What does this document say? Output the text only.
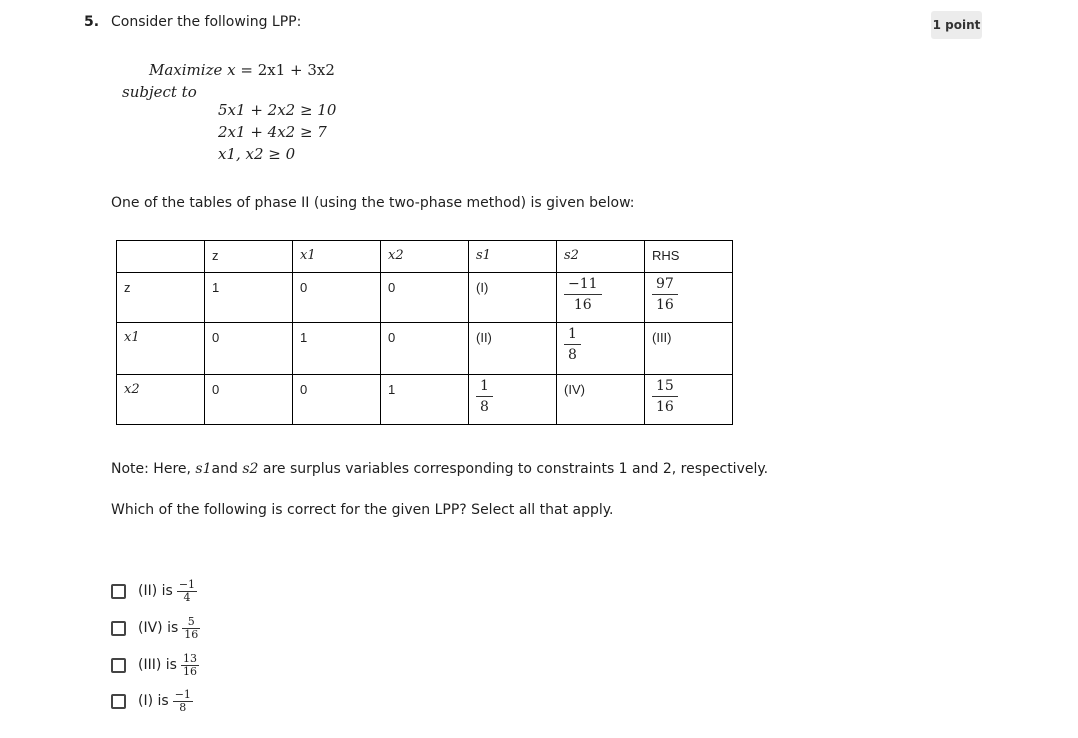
5. Consider the following LPP:	1 point
Maximize x = 2x1 + 3x2
subject to
5x1 + 2x2 ≥ 10
2x1 + 4x2 ≥ 7
x1, x2 ≥ 0
One of the tables of phase II (using the two-phase method) is given below:
	z	x1	x2	s1	s2	RHS
z	1	0	0	(I)	$\frac{-11}{16}$	$\frac{97}{16}$

x1	0	1	0	(II)	$\frac{1}{8}$	(III)
x2	0	0	1	$\frac{1}{8}$	(IV)	$\frac{15}{16}$
Note: Here, s1and s2 are surplus variables corresponding to constraints 1 and 2, respectively.
Which of the following is correct for the given LPP? Select all that apply.
(II) is $\frac{-1}{4}$
(IV) is $\frac{5}{16}$
(III) is $\frac{13}{16}$
(I) is $\frac{-1}{8}$
